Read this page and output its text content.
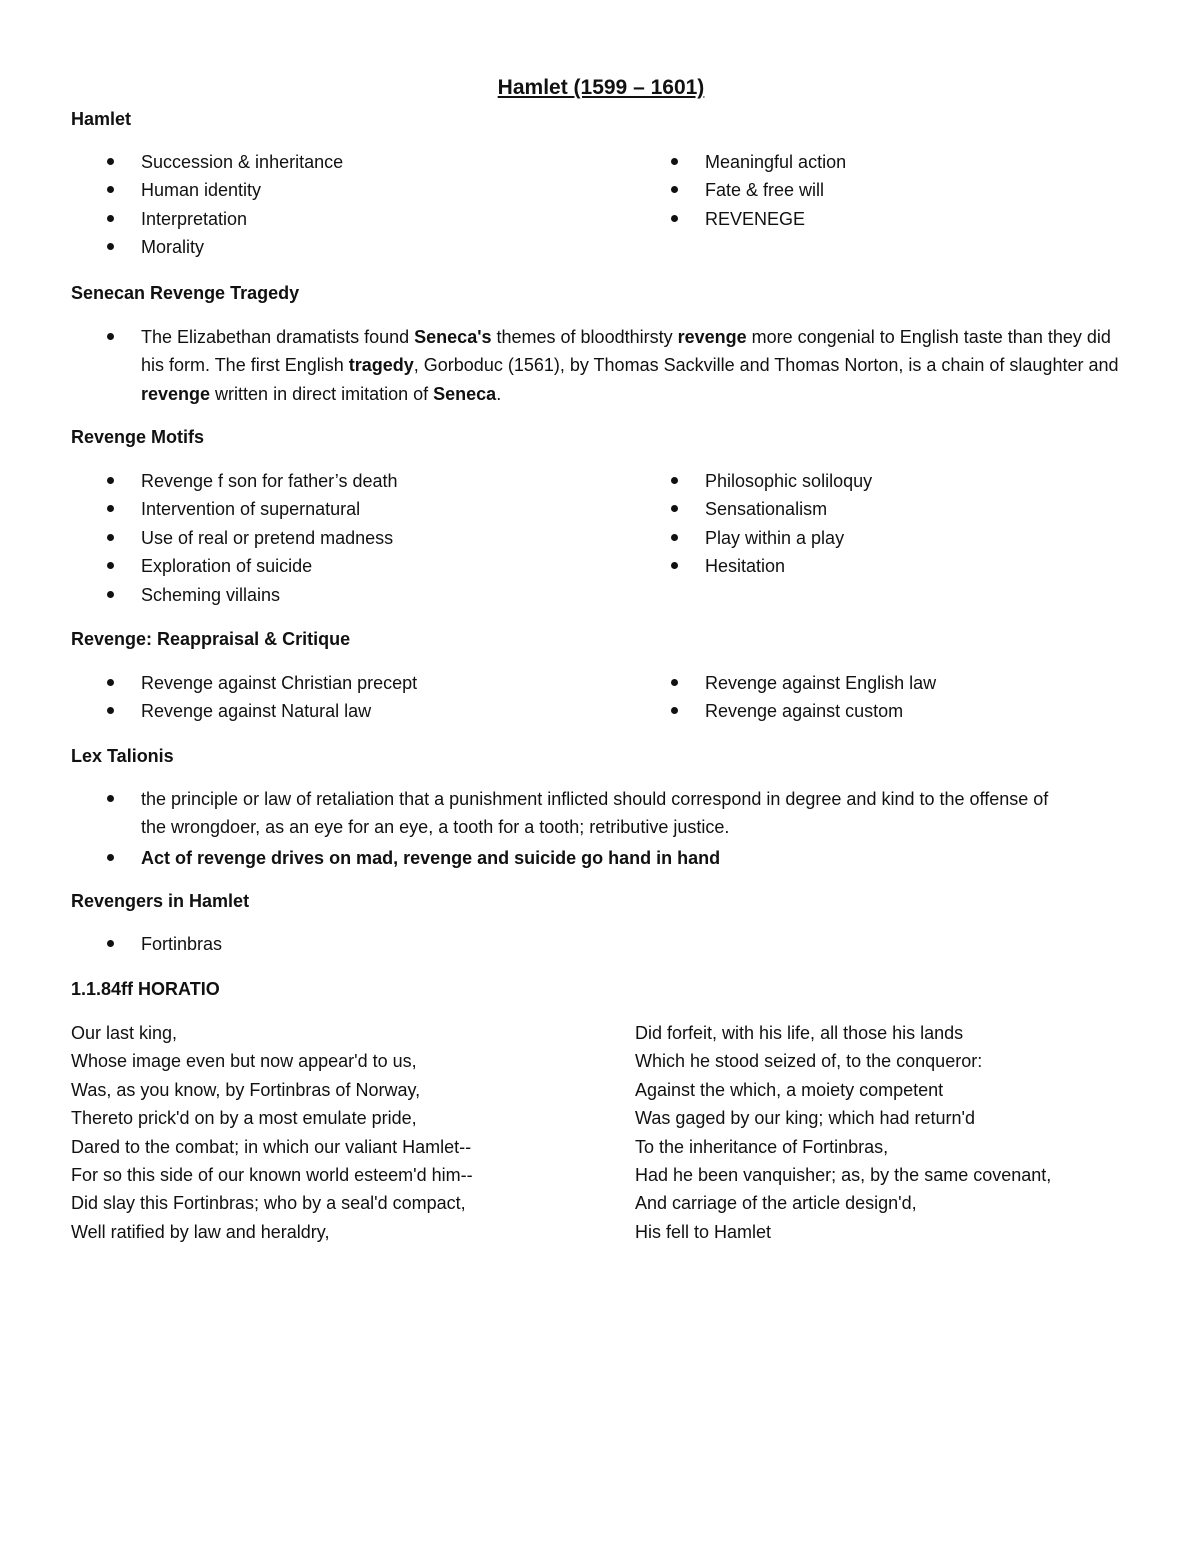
Hamlet (1599 – 1601)
Hamlet
Succession & inheritance
Human identity
Interpretation
Morality
Meaningful action
Fate & free will
REVENEGE
Senecan Revenge Tragedy
The Elizabethan dramatists found Seneca's themes of bloodthirsty revenge more congenial to English taste than they did his form. The first English tragedy, Gorboduc (1561), by Thomas Sackville and Thomas Norton, is a chain of slaughter and revenge written in direct imitation of Seneca.
Revenge Motifs
Revenge f son for father’s death
Intervention of supernatural
Use of real or pretend madness
Exploration of suicide
Scheming villains
Philosophic soliloquy
Sensationalism
Play within a play
Hesitation
Revenge: Reappraisal & Critique
Revenge against Christian precept
Revenge against Natural law
Revenge against English law
Revenge against custom
Lex Talionis
the principle or law of retaliation that a punishment inflicted should correspond in degree and kind to the offense of the wrongdoer, as an eye for an eye, a tooth for a tooth; retributive justice.
Act of revenge drives on mad, revenge and suicide go hand in hand
Revengers in Hamlet
Fortinbras
1.1.84ff HORATIO
Our last king,
Whose image even but now appear'd to us,
Was, as you know, by Fortinbras of Norway,
Thereto prick'd on by a most emulate pride,
Dared to the combat; in which our valiant Hamlet--
For so this side of our known world esteem'd him--
Did slay this Fortinbras; who by a seal'd compact,
Well ratified by law and heraldry,
Did forfeit, with his life, all those his lands
Which he stood seized of, to the conqueror:
Against the which, a moiety competent
Was gaged by our king; which had return'd
To the inheritance of Fortinbras,
Had he been vanquisher; as, by the same covenant,
And carriage of the article design'd,
His fell to Hamlet
